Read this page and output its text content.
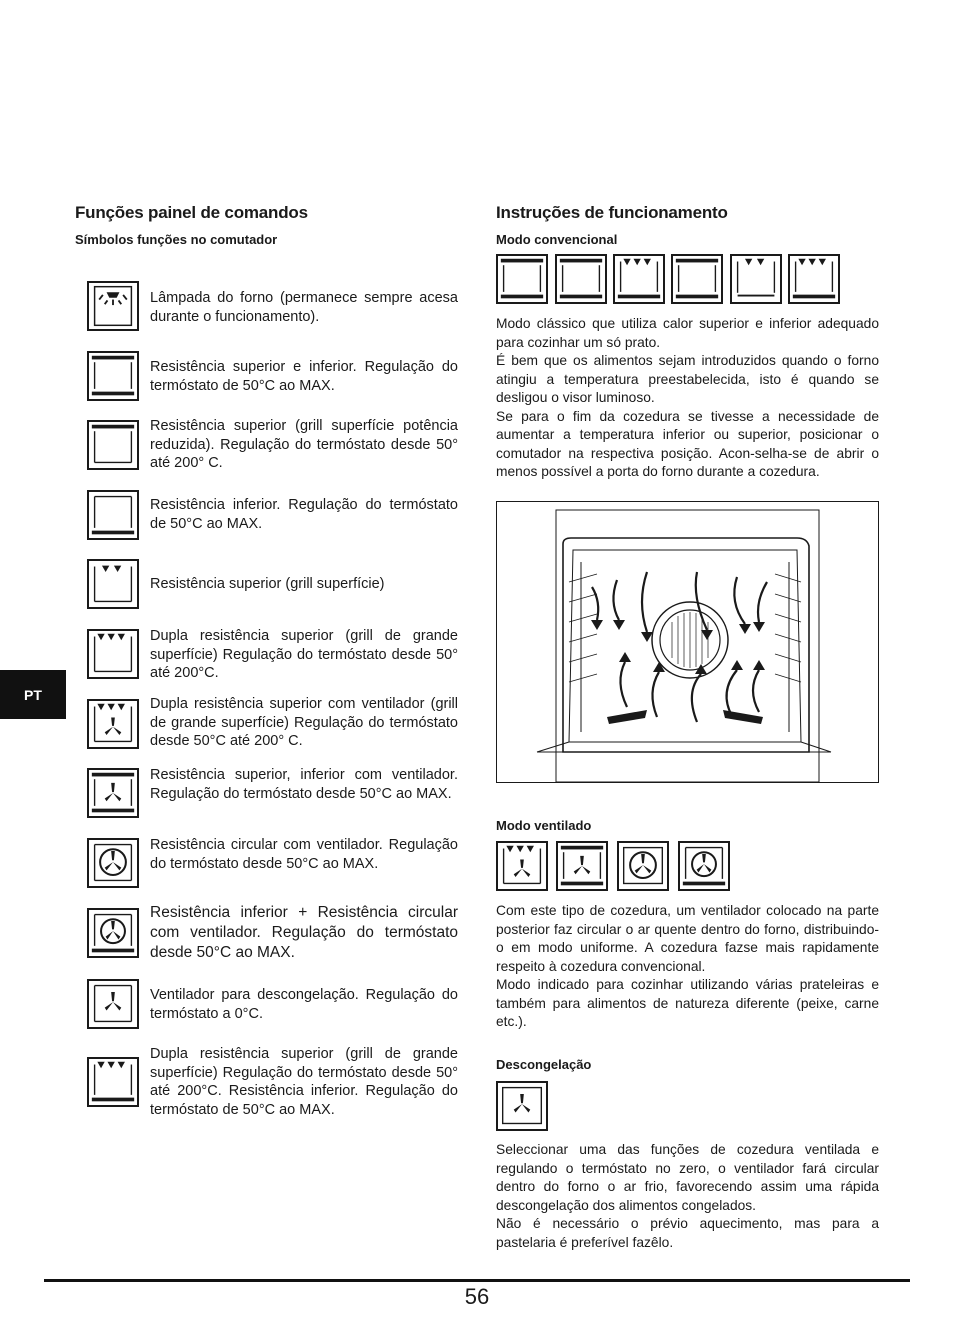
Funções painel de comandos
Símbolos funções no comutador
Lâmpada do forno (permanece sempre acesa durante o funcionamento).
Resistência superior e inferior. Regulação do termóstato de 50°C ao MAX.
Resistência superior (grill superfície potência reduzida). Regulação do termóstato desde 50° até 200° C.
Resistência inferior. Regulação do termóstato de 50°C ao MAX.
Resistência superior (grill superfície)
Dupla resistência superior (grill de grande superfície) Regulação do termóstato desde 50° até 200°C.
Dupla resistência superior com ventilador (grill de grande superfície) Regulação do termóstato desde 50°C até 200° C.
Resistência superior, inferior com ventilador. Regulação do termóstato desde 50°C ao MAX.
Resistência circular com ventilador. Regulação do termóstato desde 50°C ao MAX.
Resistência inferior + Resistência circular com ventilador. Regulação do termóstato desde 50°C ao MAX.
Ventilador para descongelação. Regulação do termóstato a 0°C.
Dupla resistência superior (grill de grande superfície) Regulação do termóstato desde 50° até 200°C. Resistência inferior. Regulação do termóstato de 50°C ao MAX.
PT
Instruções de funcionamento
Modo convencional

Modo clássico que utiliza calor superior e inferior adequado para cozinhar um só prato.

É bem que os alimentos sejam introduzidos quando o forno atingiu a temperatura preestabelecida, isto é quando se desligou o visor luminoso.

Se para o fim da cozedura se tivesse a necessidade de aumentar a temperatura inferior ou superior, posicionar o comutador na respectiva posição. Acon-selha-se de abrir o menos possível a porta do forno durante a cozedura.

Modo ventilado

Com este tipo de cozedura, um ventilador colocado na parte posterior faz circular o ar quente dentro do forno, distribuindo-o em modo uniforme. A cozedura fazse mais rapidamente respeito à cozedura convencional.

Modo indicado para cozinhar utilizando várias prateleiras e também para alimentos de natureza diferente (peixe, carne etc.).

Descongelação

Seleccionar uma das funções de cozedura ventilada e regulando o termóstato no zero, o ventilador fará circular dentro do forno o ar frio, favorecendo assim uma rápida descongelação dos alimentos congelados.

Não é necessário o prévio aquecimento, mas para a pastelaria é preferível fazêlo.

56
